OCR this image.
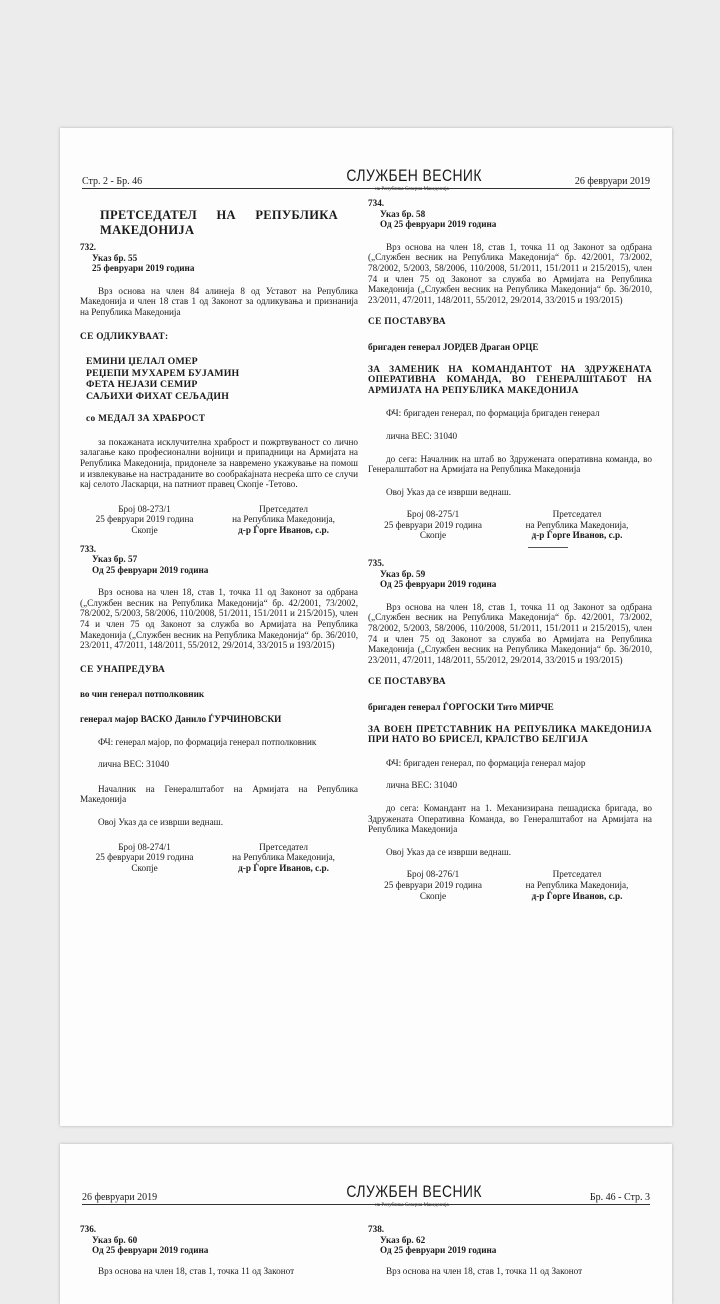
Стр. 2 - Бр. 46	СЛУЖБЕН ВЕСНИК
на Република Северна Македонија
26 февруари 2019

ПРЕТСЕДАТЕЛ НА РЕПУБЛИКА МАКЕДОНИЈА

732.

Указ бр. 55

25 февруари 2019 година

Врз основа на член 84 алинеја 8 од Уставот на Република Македонија и член 18 став 1 од Законот за одликувања и признанија на Република Македонија

СЕ ОДЛИКУВААТ:

ЕМИНИ ЏЕЛАЛ ОМЕР

РЕЏЕПИ МУХАРЕМ БУЈАМИН

ФЕТА НЕЈАЗИ СЕМИР

САЉИХИ ФИХАТ СЕЉАДИН

со МЕДАЛ ЗА ХРАБРОСТ

за покажаната исклучителна храброст и пожртвуваност со лично залагање како професионални војници и припадници на Армијата на Република Македонија, придонеле за навремено укажување на помош и извлекување на настраданите во сообраќајната несреќа што се случи кај селото Ласкарци, на патниот правец Скопје -Тетово.

Број 08-273/1
25 февруари 2019 година
Скопје
Претседател
на Република Македонија,
д-р Ѓорге Иванов, с.р.

733.

Указ бр. 57

Од 25 февруари 2019 година

Врз основа на член 18, став 1, точка 11 од Законот за одбрана („Службен весник на Република Македонија“ бр. 42/2001, 73/2002, 78/2002, 5/2003, 58/2006, 110/2008, 51/2011, 151/2011 и 215/2015), член 74 и член 75 од Законот за служба во Армијата на Република Македонија („Службен весник на Република Македонија“ бр. 36/2010, 23/2011, 47/2011, 148/2011, 55/2012, 29/2014, 33/2015 и 193/2015)

СЕ УНАПРЕДУВА

во чин генерал потполковник

генерал мајор ВАСКО Данило ЃУРЧИНОВСКИ

ФЧ: генерал мајор, по формација генерал потполковник

лична ВЕС: 31040

Началник на Генералштабот на Армијата на Република Македонија

Овој Указ да се изврши веднаш.

Број 08-274/1
25 февруари 2019 година
Скопје
Претседател
на Република Македонија,
д-р Ѓорге Иванов, с.р.

734.

Указ бр. 58

Од 25 февруари 2019 година

Врз основа на член 18, став 1, точка 11 од Законот за одбрана („Службен весник на Република Македонија“ бр. 42/2001, 73/2002, 78/2002, 5/2003, 58/2006, 110/2008, 51/2011, 151/2011 и 215/2015), член 74 и член 75 од Законот за служба во Армијата на Република Македонија („Службен весник на Република Македонија“ бр. 36/2010, 23/2011, 47/2011, 148/2011, 55/2012, 29/2014, 33/2015 и 193/2015)

СЕ ПОСТАВУВА

бригаден генерал ЈОРДЕВ Драган ОРЦЕ

ЗА ЗАМЕНИК НА КОМАНДАНТОТ НА ЗДРУЖЕНАТА ОПЕРАТИВНА КОМАНДА, ВО ГЕНЕРАЛШТАБОТ НА АРМИЈАТА НА РЕПУБЛИКА МАКЕДОНИЈА

ФЧ: бригаден генерал, по формација бригаден генерал

лична ВЕС: 31040

до сега: Началник на штаб во Здружената оперативна команда, во Генералштабот на Армијата на Република Македонија

Овој Указ да се изврши веднаш.

Број 08-275/1
25 февруари 2019 година
Скопје
Претседател
на Република Македонија,
д-р Ѓорге Иванов, с.р.

735.

Указ бр. 59

Од 25 февруари 2019 година

Врз основа на член 18, став 1, точка 11 од Законот за одбрана („Службен весник на Република Македонија“ бр. 42/2001, 73/2002, 78/2002, 5/2003, 58/2006, 110/2008, 51/2011, 151/2011 и 215/2015), член 74 и член 75 од Законот за служба во Армијата на Република Македонија („Службен весник на Република Македонија“ бр. 36/2010, 23/2011, 47/2011, 148/2011, 55/2012, 29/2014, 33/2015 и 193/2015)

СЕ ПОСТАВУВА

бригаден генерал ЃОРГОСКИ Тито МИРЧЕ

ЗА ВОЕН ПРЕТСТАВНИК НА РЕПУБЛИКА МАКЕДОНИЈА ПРИ НАТО ВО БРИСЕЛ, КРАЛСТВО БЕЛГИЈА

ФЧ: бригаден генерал, по формација генерал мајор

лична ВЕС: 31040

до сега: Командант на 1. Механизирана пешадиска бригада, во Здружената Оперативна Команда, во Генералштабот на Армијата на Република Македонија

Овој Указ да се изврши веднаш.

Број 08-276/1
25 февруари 2019 година
Скопје
Претседател
на Република Македонија,
д-р Ѓорге Иванов, с.р.
26 февруари 2019	СЛУЖБЕН ВЕСНИК
на Република Северна Македонија
Бр. 46 - Стр. 3

736.

Указ бр. 60

Од 25 февруари 2019 година

Врз основа на член 18, став 1, точка 11 од Законот

738.

Указ бр. 62

Од 25 февруари 2019 година

Врз основа на член 18, став 1, точка 11 од Законот
